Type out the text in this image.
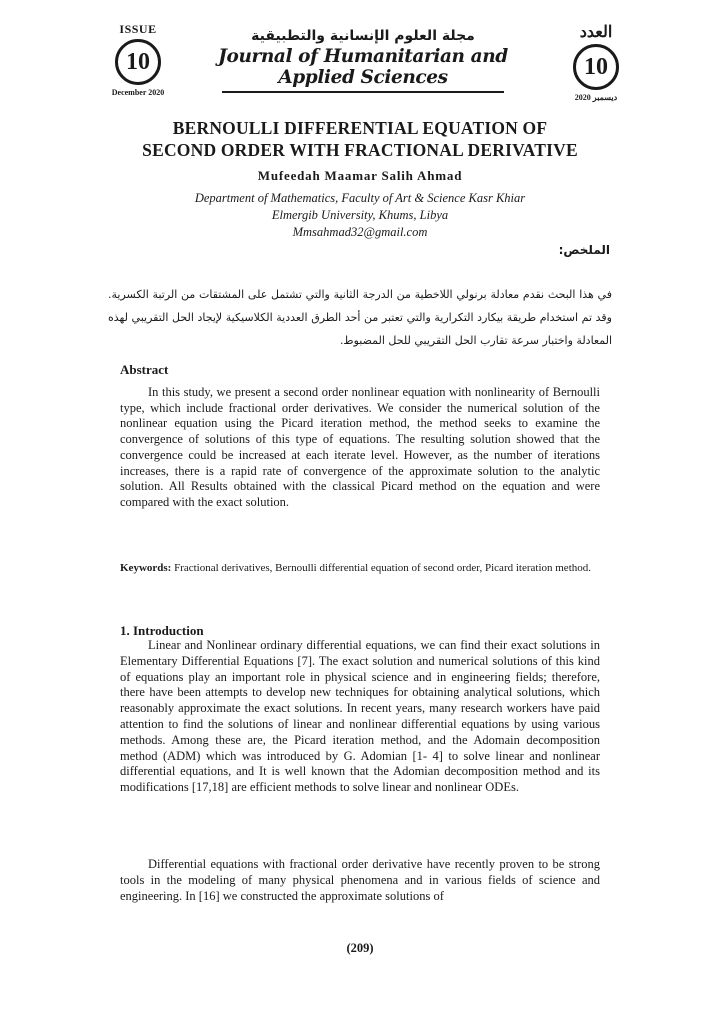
ISSUE
10
December 2020
مجلة العلوم الإنسانية والتطبيقية
Journal of Humanitarian and Applied Sciences
العدد
10
ديسمبر 2020
BERNOULLI DIFFERENTIAL EQUATION OF
SECOND ORDER WITH FRACTIONAL DERIVATIVE
Mufeedah Maamar Salih Ahmad
Department of Mathematics, Faculty of Art & Science Kasr Khiar
Elmergib University, Khums, Libya
Mmsahmad32@gmail.com
الملخص:
في هذا البحث نقدم معادلة برنولي اللاخطية من الدرجة الثانية والتي تشتمل على المشتقات من الرتبة الكسرية. وقد تم استخدام طريقة بيكارد التكرارية والتي تعتبر من أحد الطرق العددية الكلاسيكية لإيجاد الحل التقريبي لهذه المعادلة واختبار سرعة تقارب الحل التقريبي للحل المضبوط.
Abstract
In this study, we present a second order nonlinear equation with nonlinearity of Bernoulli type, which include fractional order derivatives. We consider the numerical solution of the nonlinear equation using the Picard iteration method, the method seeks to examine the convergence of solutions of this type of equations. The resulting solution showed that the convergence could be increased at each iterate level. However, as the number of iterations increases, there is a rapid rate of convergence of the approximate solution to the analytic solution. All Results obtained with the classical Picard method on the equation and were compared with the exact solution.
Keywords: Fractional derivatives, Bernoulli differential equation of second order, Picard iteration method.
1. Introduction

Linear and Nonlinear ordinary differential equations, we can find their exact solutions in Elementary Differential Equations [7]. The exact solution and numerical solutions of this kind of equations play an important role in physical science and in engineering fields; therefore, there have been attempts to develop new techniques for obtaining analytical solutions, which reasonably approximate the exact solutions. In recent years, many research workers have paid attention to find the solutions of linear and nonlinear differential equations by using various methods. Among these are, the Picard iteration method, and the Adomain decomposition method (ADM) which was introduced by G. Adomian [1- 4] to solve linear and nonlinear differential equations, and It is well known that the Adomian decomposition method and its modifications [17,18] are efficient methods to solve linear and nonlinear ODEs.

Differential equations with fractional order derivative have recently proven to be strong tools in the modeling of many physical phenomena and in various fields of science and engineering. In [16] we constructed the approximate solutions of

(209)
